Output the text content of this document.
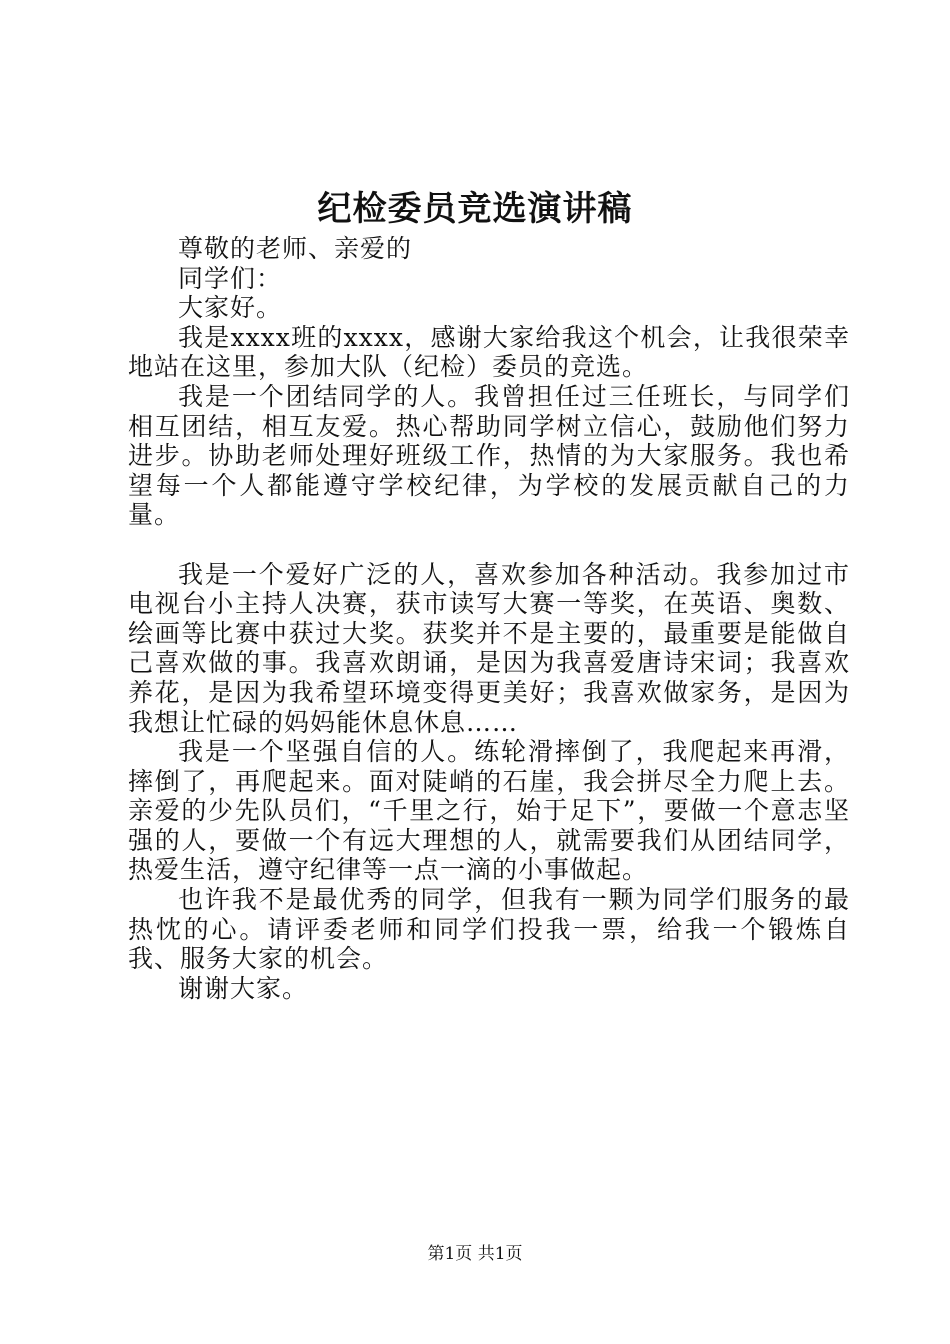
纪检委员竞选演讲稿

尊敬的老师、亲爱的

同学们：

大家好。

我是xxxx班的xxxx，感谢大家给我这个机会，让我很荣幸地站在这里，参加大队（纪检）委员的竞选。

我是一个团结同学的人。我曾担任过三任班长，与同学们相互团结，相互友爱。热心帮助同学树立信心，鼓励他们努力进步。协助老师处理好班级工作，热情的为大家服务。我也希望每一个人都能遵守学校纪律，为学校的发展贡献自己的力量。

我是一个爱好广泛的人，喜欢参加各种活动。我参加过市电视台小主持人决赛，获市读写大赛一等奖，在英语、奥数、绘画等比赛中获过大奖。获奖并不是主要的，最重要是能做自己喜欢做的事。我喜欢朗诵，是因为我喜爱唐诗宋词；我喜欢养花，是因为我希望环境变得更美好；我喜欢做家务，是因为我想让忙碌的妈妈能休息休息……

我是一个坚强自信的人。练轮滑摔倒了，我爬起来再滑，摔倒了，再爬起来。面对陡峭的石崖，我会拼尽全力爬上去。亲爱的少先队员们，“千里之行，始于足下”，要做一个意志坚强的人，要做一个有远大理想的人，就需要我们从团结同学，热爱生活，遵守纪律等一点一滴的小事做起。

也许我不是最优秀的同学，但我有一颗为同学们服务的最热忱的心。请评委老师和同学们投我一票，给我一个锻炼自我、服务大家的机会。

谢谢大家。

第1页 共1页
